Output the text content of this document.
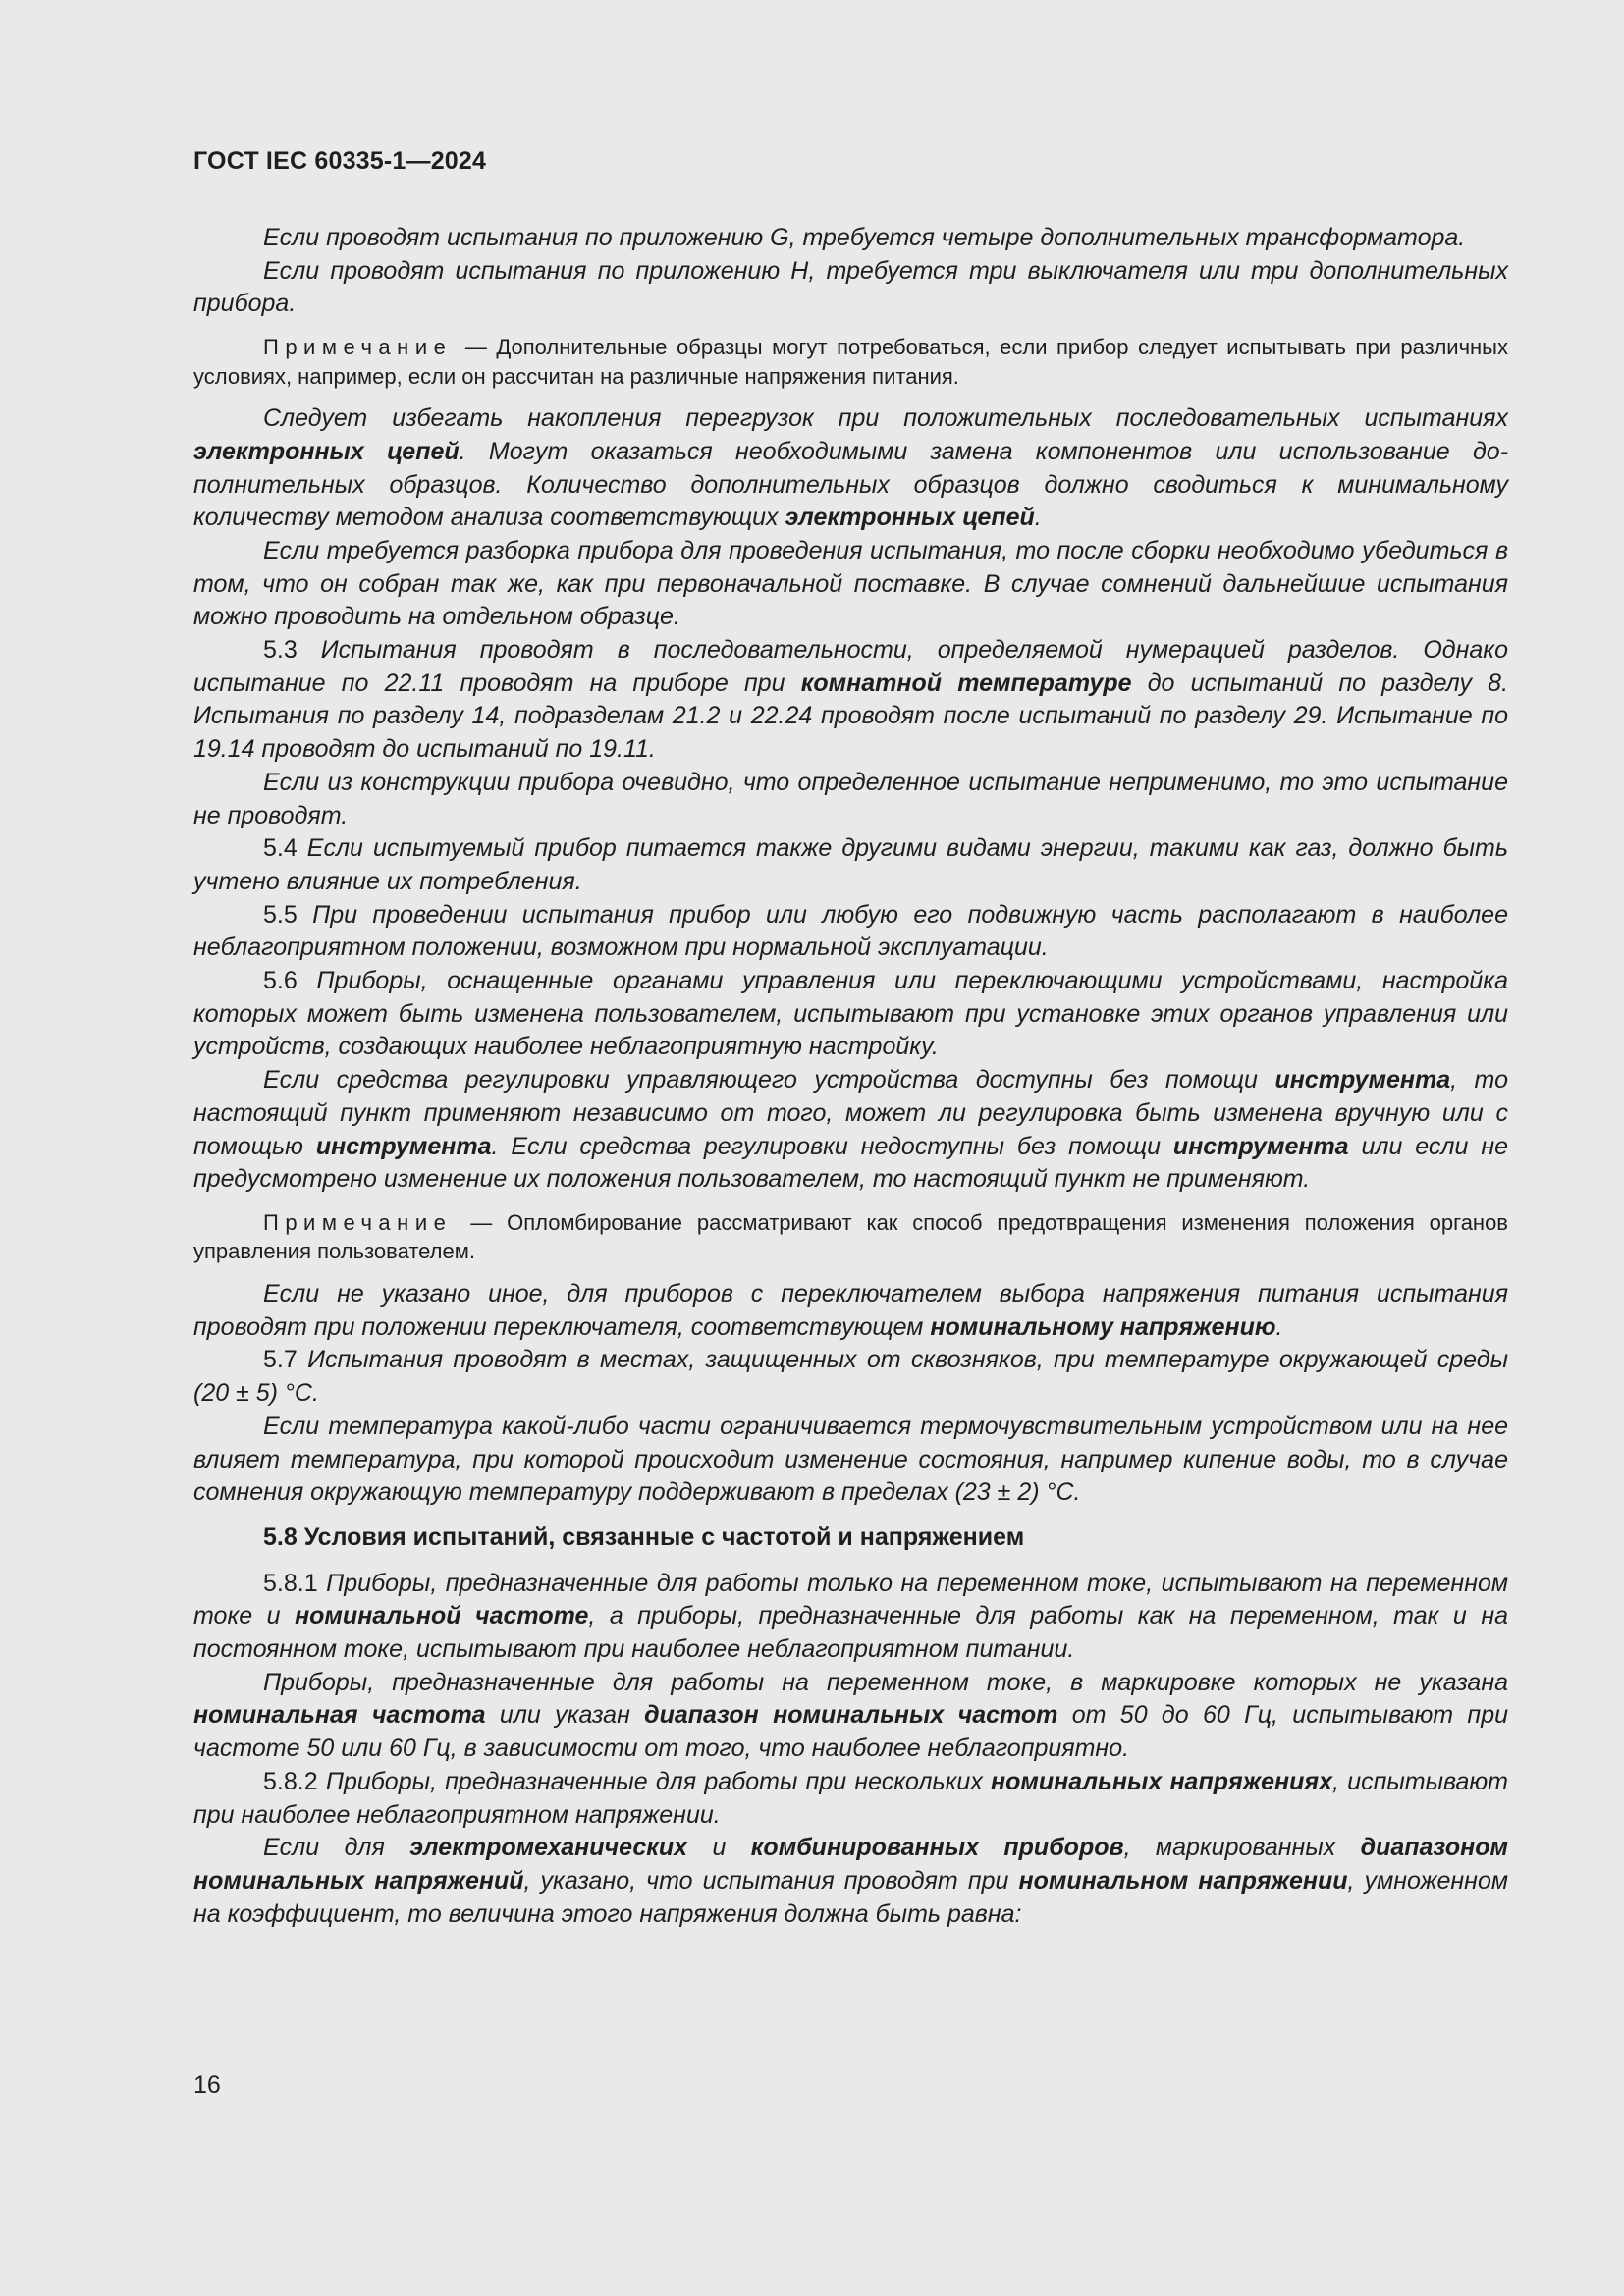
ГОСТ IEC 60335-1—2024

Если проводят испытания по приложению G, требуется четыре дополнительных трансформатора.

Если проводят испытания по приложению H, требуется три выключателя или три дополнительных прибора.

Примечание — Дополнительные образцы могут потребоваться, если прибор следует испытывать при различных условиях, например, если он рассчитан на различные напряжения питания.

Следует избегать накопления перегрузок при положительных последовательных испытаниях электронных цепей. Могут оказаться необходимыми замена компонентов или использование дополнительных образцов. Количество дополнительных образцов должно сводиться к минимальному количеству методом анализа соответствующих электронных цепей.

Если требуется разборка прибора для проведения испытания, то после сборки необходимо убедиться в том, что он собран так же, как при первоначальной поставке. В случае сомнений дальнейшие испытания можно проводить на отдельном образце.

5.3 Испытания проводят в последовательности, определяемой нумерацией разделов. Однако испытание по 22.11 проводят на приборе при комнатной температуре до испытаний по разделу 8. Испытания по разделу 14, подразделам 21.2 и 22.24 проводят после испытаний по разделу 29. Испытание по 19.14 проводят до испытаний по 19.11.

Если из конструкции прибора очевидно, что определенное испытание неприменимо, то это испытание не проводят.

5.4 Если испытуемый прибор питается также другими видами энергии, такими как газ, должно быть учтено влияние их потребления.

5.5 При проведении испытания прибор или любую его подвижную часть располагают в наиболее неблагоприятном положении, возможном при нормальной эксплуатации.

5.6 Приборы, оснащенные органами управления или переключающими устройствами, настройка которых может быть изменена пользователем, испытывают при установке этих органов управления или устройств, создающих наиболее неблагоприятную настройку.

Если средства регулировки управляющего устройства доступны без помощи инструмента, то настоящий пункт применяют независимо от того, может ли регулировка быть изменена вручную или с помощью инструмента. Если средства регулировки недоступны без помощи инструмента или если не предусмотрено изменение их положения пользователем, то настоящий пункт не применяют.

Примечание — Опломбирование рассматривают как способ предотвращения изменения положения органов управления пользователем.

Если не указано иное, для приборов с переключателем выбора напряжения питания испытания проводят при положении переключателя, соответствующем номинальному напряжению.

5.7 Испытания проводят в местах, защищенных от сквозняков, при температуре окружающей среды (20 ± 5) °С.

Если температура какой-либо части ограничивается термочувствительным устройством или на нее влияет температура, при которой происходит изменение состояния, например кипение воды, то в случае сомнения окружающую температуру поддерживают в пределах (23 ± 2) °С.

5.8 Условия испытаний, связанные с частотой и напряжением

5.8.1 Приборы, предназначенные для работы только на переменном токе, испытывают на переменном токе и номинальной частоте, а приборы, предназначенные для работы как на переменном, так и на постоянном токе, испытывают при наиболее неблагоприятном питании.

Приборы, предназначенные для работы на переменном токе, в маркировке которых не указана номинальная частота или указан диапазон номинальных частот от 50 до 60 Гц, испытывают при частоте 50 или 60 Гц, в зависимости от того, что наиболее неблагоприятно.

5.8.2 Приборы, предназначенные для работы при нескольких номинальных напряжениях, испытывают при наиболее неблагоприятном напряжении.

Если для электромеханических и комбинированных приборов, маркированных диапазоном номинальных напряжений, указано, что испытания проводят при номинальном напряжении, умноженном на коэффициент, то величина этого напряжения должна быть равна:

16
